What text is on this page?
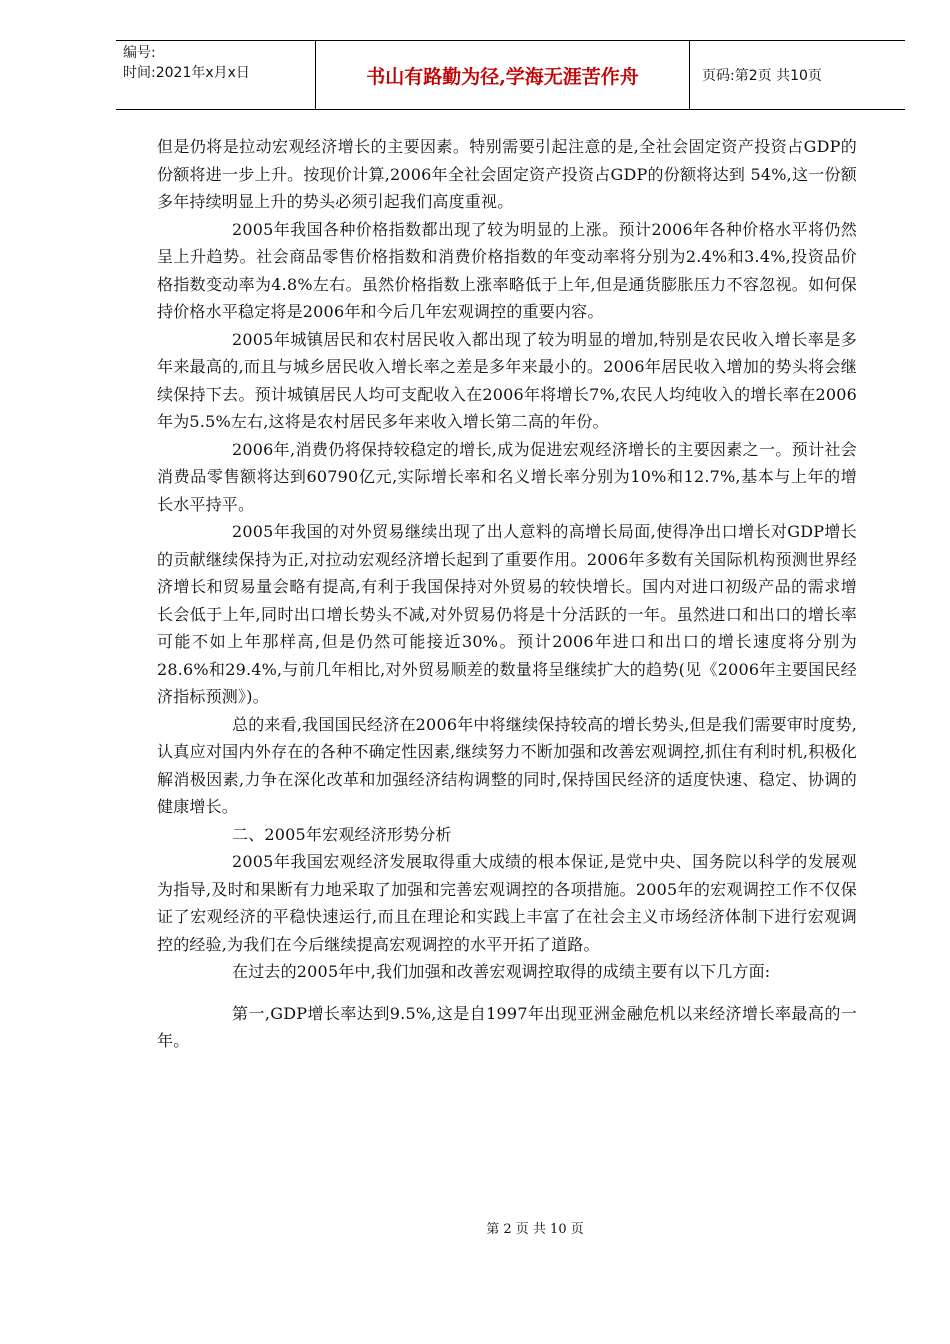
编号:
时间:2021年x月x日	书山有路勤为径,学海无涯苦作舟	页码:第2页 共10页

但是仍将是拉动宏观经济增长的主要因素。特别需要引起注意的是,全社会固定资产投资占GDP的份额将进一步上升。按现价计算,2006年全社会固定资产投资占GDP的份额将达到 54%,这一份额多年持续明显上升的势头必须引起我们高度重视。

2005年我国各种价格指数都出现了较为明显的上涨。预计2006年各种价格水平将仍然呈上升趋势。社会商品零售价格指数和消费价格指数的年变动率将分别为2.4%和3.4%,投资品价格指数变动率为4.8%左右。虽然价格指数上涨率略低于上年,但是通货膨胀压力不容忽视。如何保持价格水平稳定将是2006年和今后几年宏观调控的重要内容。

2005年城镇居民和农村居民收入都出现了较为明显的增加,特别是农民收入增长率是多年来最高的,而且与城乡居民收入增长率之差是多年来最小的。2006年居民收入增加的势头将会继续保持下去。预计城镇居民人均可支配收入在2006年将增长7%,农民人均纯收入的增长率在2006年为5.5%左右,这将是农村居民多年来收入增长第二高的年份。

2006年,消费仍将保持较稳定的增长,成为促进宏观经济增长的主要因素之一。预计社会消费品零售额将达到60790亿元,实际增长率和名义增长率分别为10%和12.7%,基本与上年的增长水平持平。

2005年我国的对外贸易继续出现了出人意料的高增长局面,使得净出口增长对GDP增长的贡献继续保持为正,对拉动宏观经济增长起到了重要作用。2006年多数有关国际机构预测世界经济增长和贸易量会略有提高,有利于我国保持对外贸易的较快增长。国内对进口初级产品的需求增长会低于上年,同时出口增长势头不减,对外贸易仍将是十分活跃的一年。虽然进口和出口的增长率可能不如上年那样高,但是仍然可能接近30%。预计2006年进口和出口的增长速度将分别为28.6%和29.4%,与前几年相比,对外贸易顺差的数量将呈继续扩大的趋势(见《2006年主要国民经济指标预测》)。

总的来看,我国国民经济在2006年中将继续保持较高的增长势头,但是我们需要审时度势,认真应对国内外存在的各种不确定性因素,继续努力不断加强和改善宏观调控,抓住有利时机,积极化解消极因素,力争在深化改革和加强经济结构调整的同时,保持国民经济的适度快速、稳定、协调的健康增长。

二、2005年宏观经济形势分析

2005年我国宏观经济发展取得重大成绩的根本保证,是党中央、国务院以科学的发展观为指导,及时和果断有力地采取了加强和完善宏观调控的各项措施。2005年的宏观调控工作不仅保证了宏观经济的平稳快速运行,而且在理论和实践上丰富了在社会主义市场经济体制下进行宏观调控的经验,为我们在今后继续提高宏观调控的水平开拓了道路。

在过去的2005年中,我们加强和改善宏观调控取得的成绩主要有以下几方面:

第一,GDP增长率达到9.5%,这是自1997年出现亚洲金融危机以来经济增长率最高的一年。

第 2 页 共 10 页
